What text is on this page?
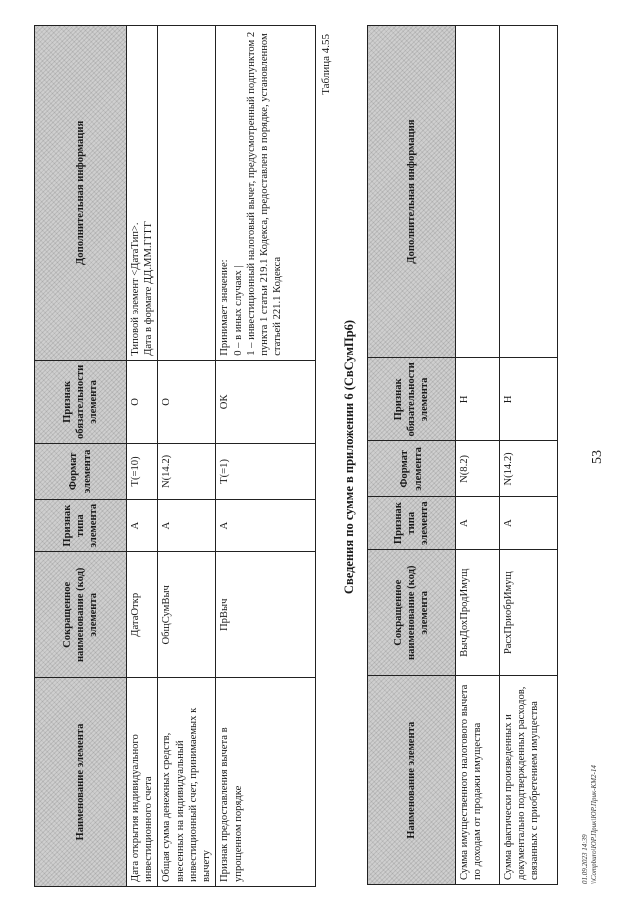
Наименование элемента	Сокращенное наименование (код) элемента	Признак типа элемента	Формат элемента	Признак обязательности элемента	Дополнительная информация
Дата открытия индивидуального инвестиционного счета	ДатаОткр	А	T(=10)	О	Типовой элемент <ДатаТип>. Дата в формате ДД.ММ.ГГГГ

Общая сумма денежных средств, внесенных на индивидуальный инвестиционный счет, принимаемых к вычету	ОбщСумВыч	А	N(14.2)	О	
Признак предоставления вычета в упрощенном порядке	ПрВыч	А	T(=1)	ОК	Принимает значение: 0 – в иных случаях | 1 – инвестиционный налоговый вычет, предусмотренный подпунктом 2 пункта 1 статьи 219.1 Кодекса, предоставлен в порядке, установленном статьей 221.1 Кодекса
Таблица 4.55
Сведения по сумме в приложении 6 (СвСумПр6)
Наименование элемента	Сокращенное наименование (код) элемента	Признак типа элемента	Формат элемента	Признак обязательности элемента	Дополнительная информация
Сумма имущественного налогового вычета по доходам от продажи имущества	ВычДохПродИмущ	А	N(8.2)	Н	
Сумма фактически произведенных и документально подтвержденных расходов, связанных с приобретением имущества	РасхПриобрИмущ	А	N(14.2)	Н	
01.09.2023 14:39 \\Compburo\ЮР.Прик\ЮР.Прик-КМ2-14
53
